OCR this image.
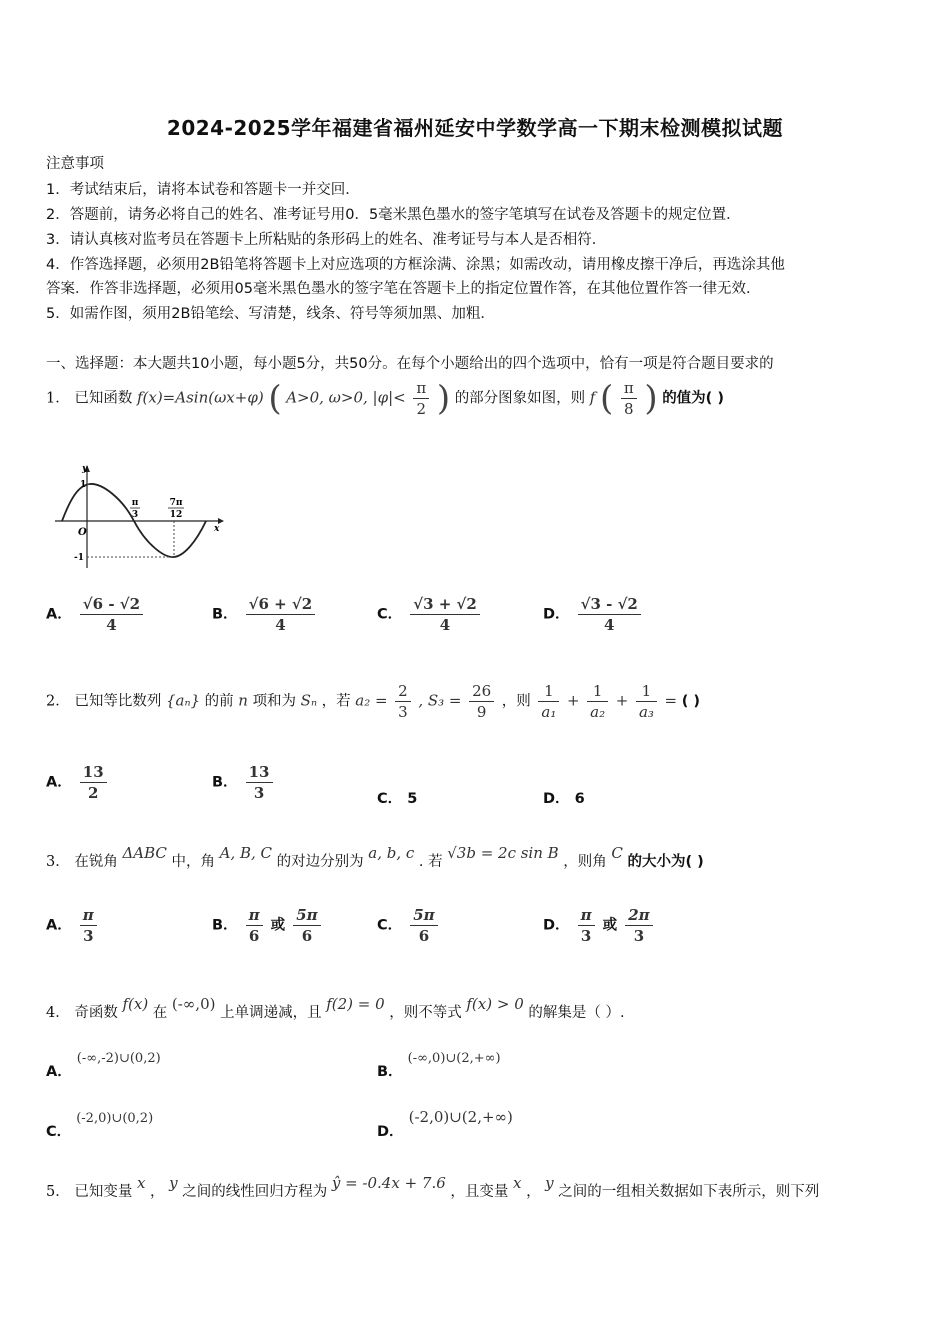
2024-2025学年福建省福州延安中学数学高一下期末检测模拟试题
注意事项
1．考试结束后，请将本试卷和答题卡一并交回．
2．答题前，请务必将自己的姓名、准考证号用0．5毫米黑色墨水的签字笔填写在试卷及答题卡的规定位置．
3．请认真核对监考员在答题卡上所粘贴的条形码上的姓名、准考证号与本人是否相符．
4．作答选择题，必须用2B铅笔将答题卡上对应选项的方框涂满、涂黑；如需改动，请用橡皮擦干净后，再选涂其他
答案．作答非选择题，必须用05毫米黑色墨水的签字笔在答题卡上的指定位置作答，在其他位置作答一律无效．
5．如需作图，须用2B铅笔绘、写清楚，线条、符号等须加黑、加粗．
一、选择题：本大题共10小题，每小题5分，共50分。在每个小题给出的四个选项中，恰有一项是符合题目要求的
1． 已知函数 f(x)=Asin(ωx+φ) ( A>0, ω>0, $|\varphi|< \frac{\pi}{2}$ ) 的部分图象如图，则 f ( $\frac{\pi}{8}$ ) 的值为( )
y
x
1
O
-1
π
3
7π
12
A． $\frac{√6 - √2}{4}$	B． $\frac{√6 + √2}{4}$	C． $\frac{√3 + √2}{4}$	D． $\frac{√3 - √2}{4}$
2． 已知等比数列 {aₙ} 的前 n 项和为 Sₙ ，若 $a_2 = \frac{2}{3}$ , $S_3 = \frac{26}{9}$ ，则 $\frac{1}{\text{a₁}} + \frac{1}{\text{a₂}} + \frac{1}{\text{a₃}}$ = ( )
A． $\frac{13}{2}$	B． $\frac{13}{3}$	C． 5	D． 6
3． 在锐角 ΔABC 中，角 A, B, C 的对边分别为 a, b, c . 若 √3b = 2c sin B ，则角 C 的大小为( )
A． $\frac{\pi}{3}$	B． $\frac{\pi}{6}$ 或 $\frac{5\pi}{6}$	C． $\frac{5\pi}{6}$	D． $\frac{\pi}{3}$ 或 $\frac{2\pi}{3}$
4． 奇函数 f(x) 在 (-∞,0) 上单调递减，且 f(2) = 0 ，则不等式 f(x) > 0 的解集是（ ）.
A． (-∞,-2)∪(0,2)
B． (-∞,0)∪(2,+∞)
C． (-2,0)∪(0,2)
D． (-2,0)∪(2,+∞)
5． 已知变量 x ， y 之间的线性回归方程为 ŷ = -0.4x + 7.6 ，且变量 x ， y 之间的一组相关数据如下表所示，则下列
